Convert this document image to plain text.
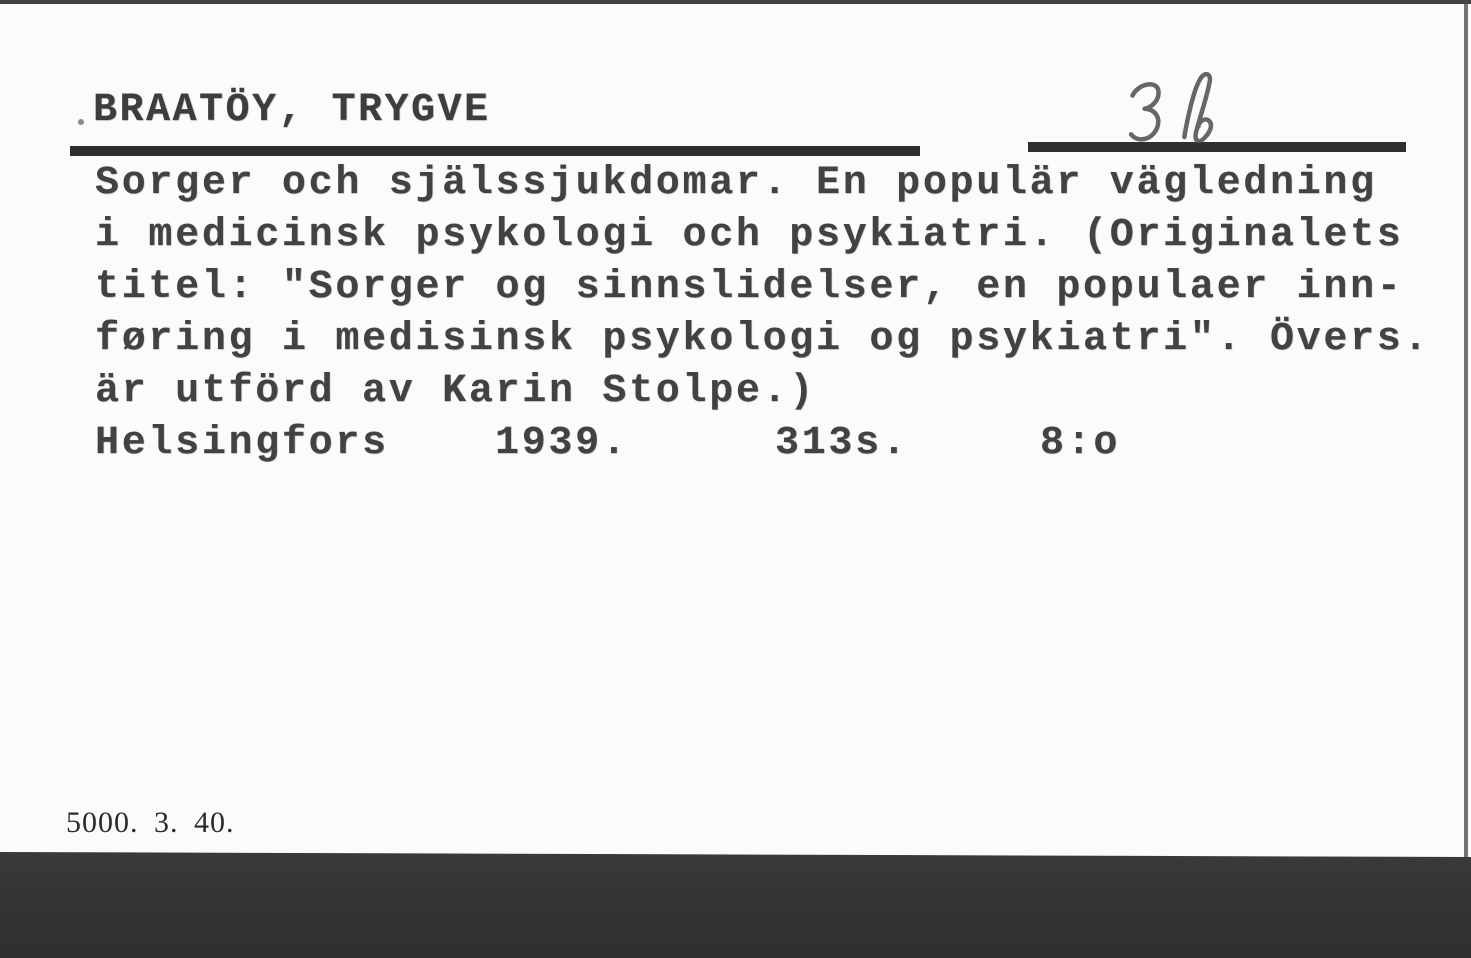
BRAATÖY, TRYGVE
Sorger och själssjukdomar. En populär vägledning
i medicinsk psykologi och psykiatri. (Originalets
titel: "Sorger og sinnslidelser, en populaer inn-
føring i medisinsk psykologi og psykiatri". Övers.
är utförd av Karin Stolpe.)

Helsingfors

	1939.

	313s.

	8:o

5000. 3. 40.
